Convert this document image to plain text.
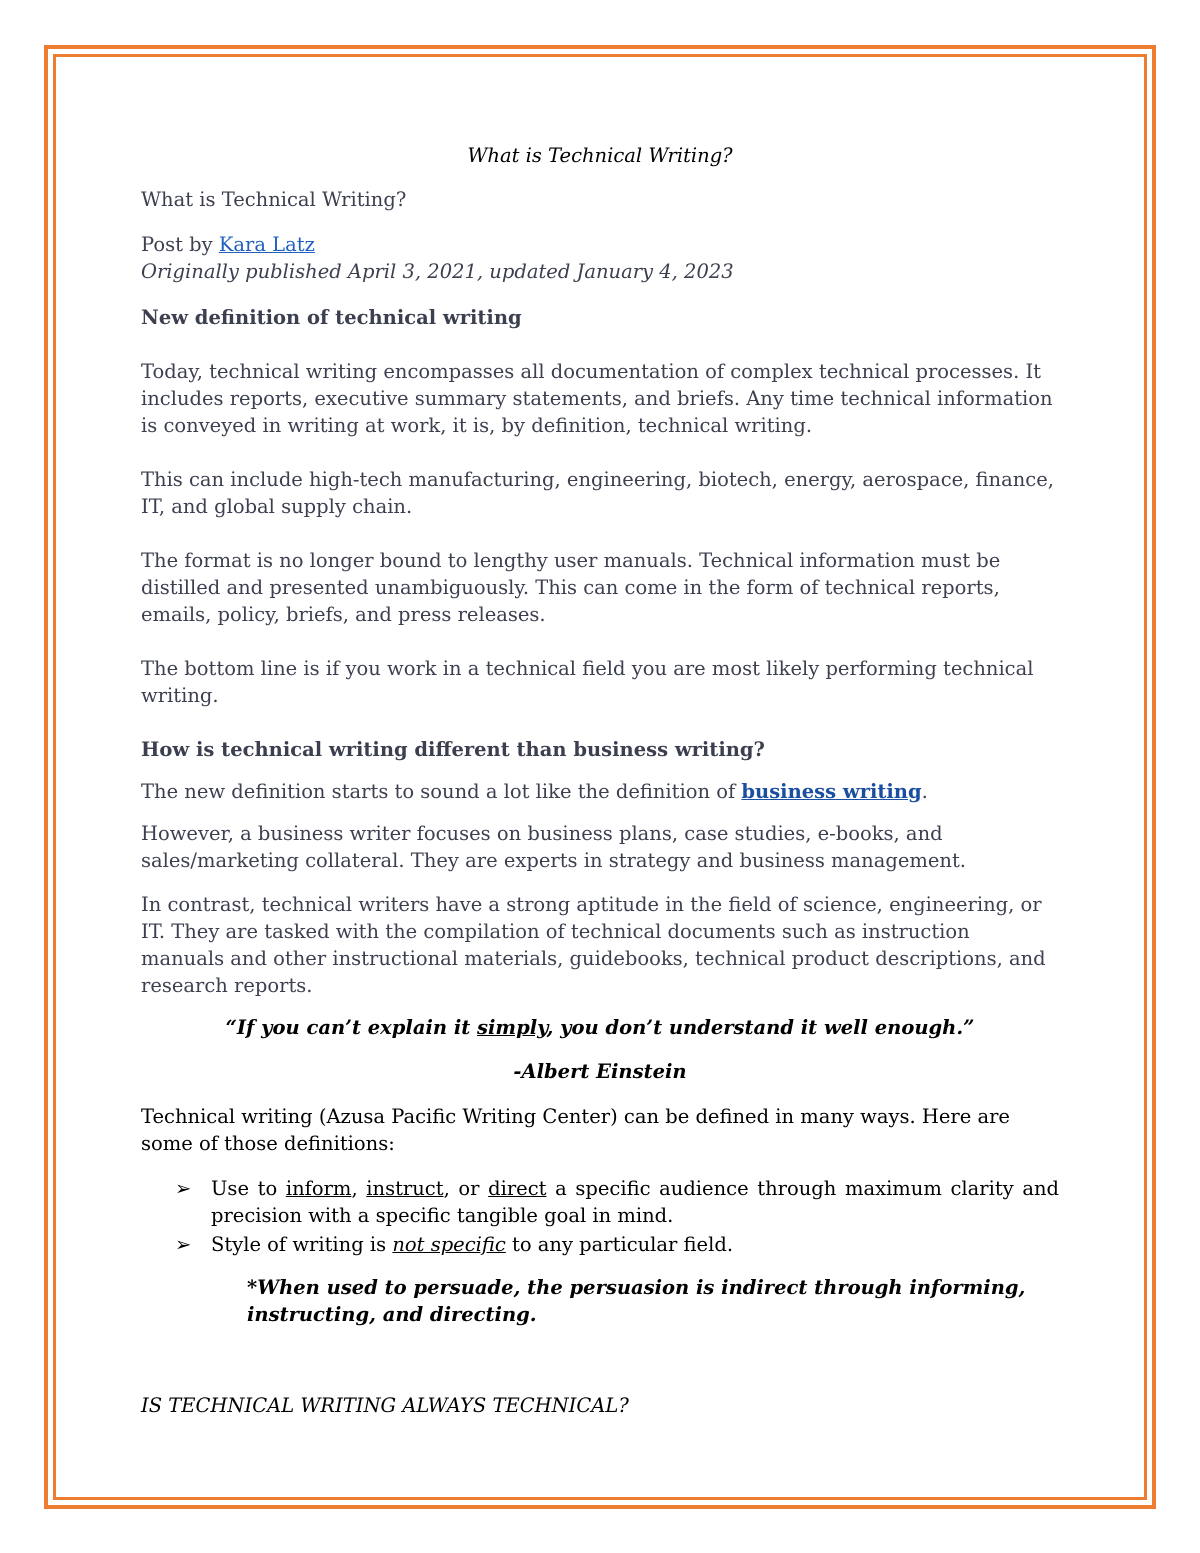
What is Technical Writing?

What is Technical Writing?

Post by Kara Latz

Originally published April 3, 2021, updated January 4, 2023

New definition of technical writing

Today, technical writing encompasses all documentation of complex technical processes. It includes reports, executive summary statements, and briefs. Any time technical information is conveyed in writing at work, it is, by definition, technical writing.

This can include high-tech manufacturing, engineering, biotech, energy, aerospace, finance, IT, and global supply chain.

The format is no longer bound to lengthy user manuals. Technical information must be distilled and presented unambiguously. This can come in the form of technical reports, emails, policy, briefs, and press releases.

The bottom line is if you work in a technical field you are most likely performing technical writing.

How is technical writing different than business writing?

The new definition starts to sound a lot like the definition of business writing.

However, a business writer focuses on business plans, case studies, e-books, and sales/marketing collateral. They are experts in strategy and business management.

In contrast, technical writers have a strong aptitude in the field of science, engineering, or IT. They are tasked with the compilation of technical documents such as instruction manuals and other instructional materials, guidebooks, technical product descriptions, and research reports.

“If you can’t explain it simply, you don’t understand it well enough.”

-Albert Einstein

Technical writing (Azusa Pacific Writing Center) can be defined in many ways. Here are some of those definitions:

➢ Use to inform, instruct, or direct a specific audience through maximum clarity and precision with a specific tangible goal in mind.
➢ Style of writing is not specific to any particular field.

*When used to persuade, the persuasion is indirect through informing, instructing, and directing.

IS TECHNICAL WRITING ALWAYS TECHNICAL?
